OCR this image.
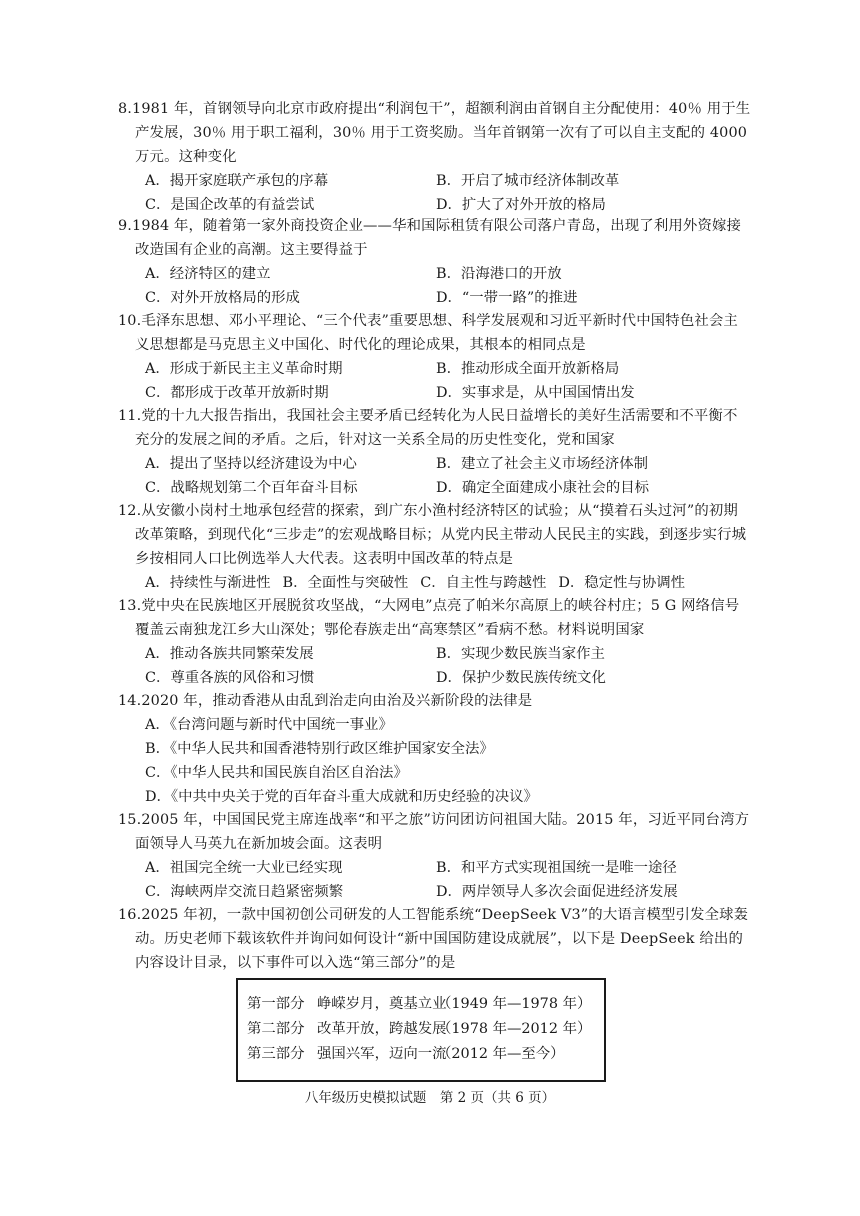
8.1981 年，首钢领导向北京市政府提出“利润包干”，超额利润由首钢自主分配使用：40％ 用于生产发展，30％ 用于职工福利，30％ 用于工资奖励。当年首钢第一次有了可以自主支配的 4000 万元。这种变化
A．揭开家庭联产承包的序幕	B．开启了城市经济体制改革
C．是国企改革的有益尝试	D．扩大了对外开放的格局
9.1984 年，随着第一家外商投资企业——华和国际租赁有限公司落户青岛，出现了利用外资嫁接改造国有企业的高潮。这主要得益于
A．经济特区的建立	B．沿海港口的开放
C．对外开放格局的形成	D．“一带一路”的推进
10.毛泽东思想、邓小平理论、“三个代表”重要思想、科学发展观和习近平新时代中国特色社会主义思想都是马克思主义中国化、时代化的理论成果，其根本的相同点是
A．形成于新民主主义革命时期	B．推动形成全面开放新格局
C．都形成于改革开放新时期	D．实事求是，从中国国情出发
11.党的十九大报告指出，我国社会主要矛盾已经转化为人民日益增长的美好生活需要和不平衡不充分的发展之间的矛盾。之后，针对这一关系全局的历史性变化，党和国家
A．提出了坚持以经济建设为中心	B．建立了社会主义市场经济体制
C．战略规划第二个百年奋斗目标	D．确定全面建成小康社会的目标
12.从安徽小岗村土地承包经营的探索，到广东小渔村经济特区的试验；从“摸着石头过河”的初期改革策略，到现代化“三步走”的宏观战略目标；从党内民主带动人民民主的实践，到逐步实行城乡按相同人口比例选举人大代表。这表明中国改革的特点是
A．持续性与渐进性 B．全面性与突破性 C．自主性与跨越性 D．稳定性与协调性
13.党中央在民族地区开展脱贫攻坚战，“大网电”点亮了帕米尔高原上的峡谷村庄；5 G 网络信号覆盖云南独龙江乡大山深处；鄂伦春族走出“高寒禁区”看病不愁。材料说明国家
A．推动各族共同繁荣发展	B．实现少数民族当家作主
C．尊重各族的风俗和习惯	D．保护少数民族传统文化
14.2020 年，推动香港从由乱到治走向由治及兴新阶段的法律是
A．《台湾问题与新时代中国统一事业》
B．《中华人民共和国香港特别行政区维护国家安全法》
C．《中华人民共和国民族自治区自治法》
D．《中共中央关于党的百年奋斗重大成就和历史经验的决议》
15.2005 年，中国国民党主席连战率“和平之旅”访问团访问祖国大陆。2015 年，习近平同台湾方面领导人马英九在新加坡会面。这表明
A．祖国完全统一大业已经实现	B．和平方式实现祖国统一是唯一途径
C．海峡两岸交流日趋紧密频繁	D．两岸领导人多次会面促进经济发展
16.2025 年初，一款中国初创公司研发的人工智能系统“DeepSeek V3”的大语言模型引发全球轰动。历史老师下载该软件并询问如何设计“新中国国防建设成就展”，以下是 DeepSeek 给出的内容设计目录，以下事件可以入选“第三部分”的是
第一部分 峥嵘岁月，奠基立业（1949 年—1978 年）
第二部分 改革开放，跨越发展（1978 年—2012 年）
第三部分 强国兴军，迈向一流（2012 年—至今）
八年级历史模拟试题　第 2 页（共 6 页）
